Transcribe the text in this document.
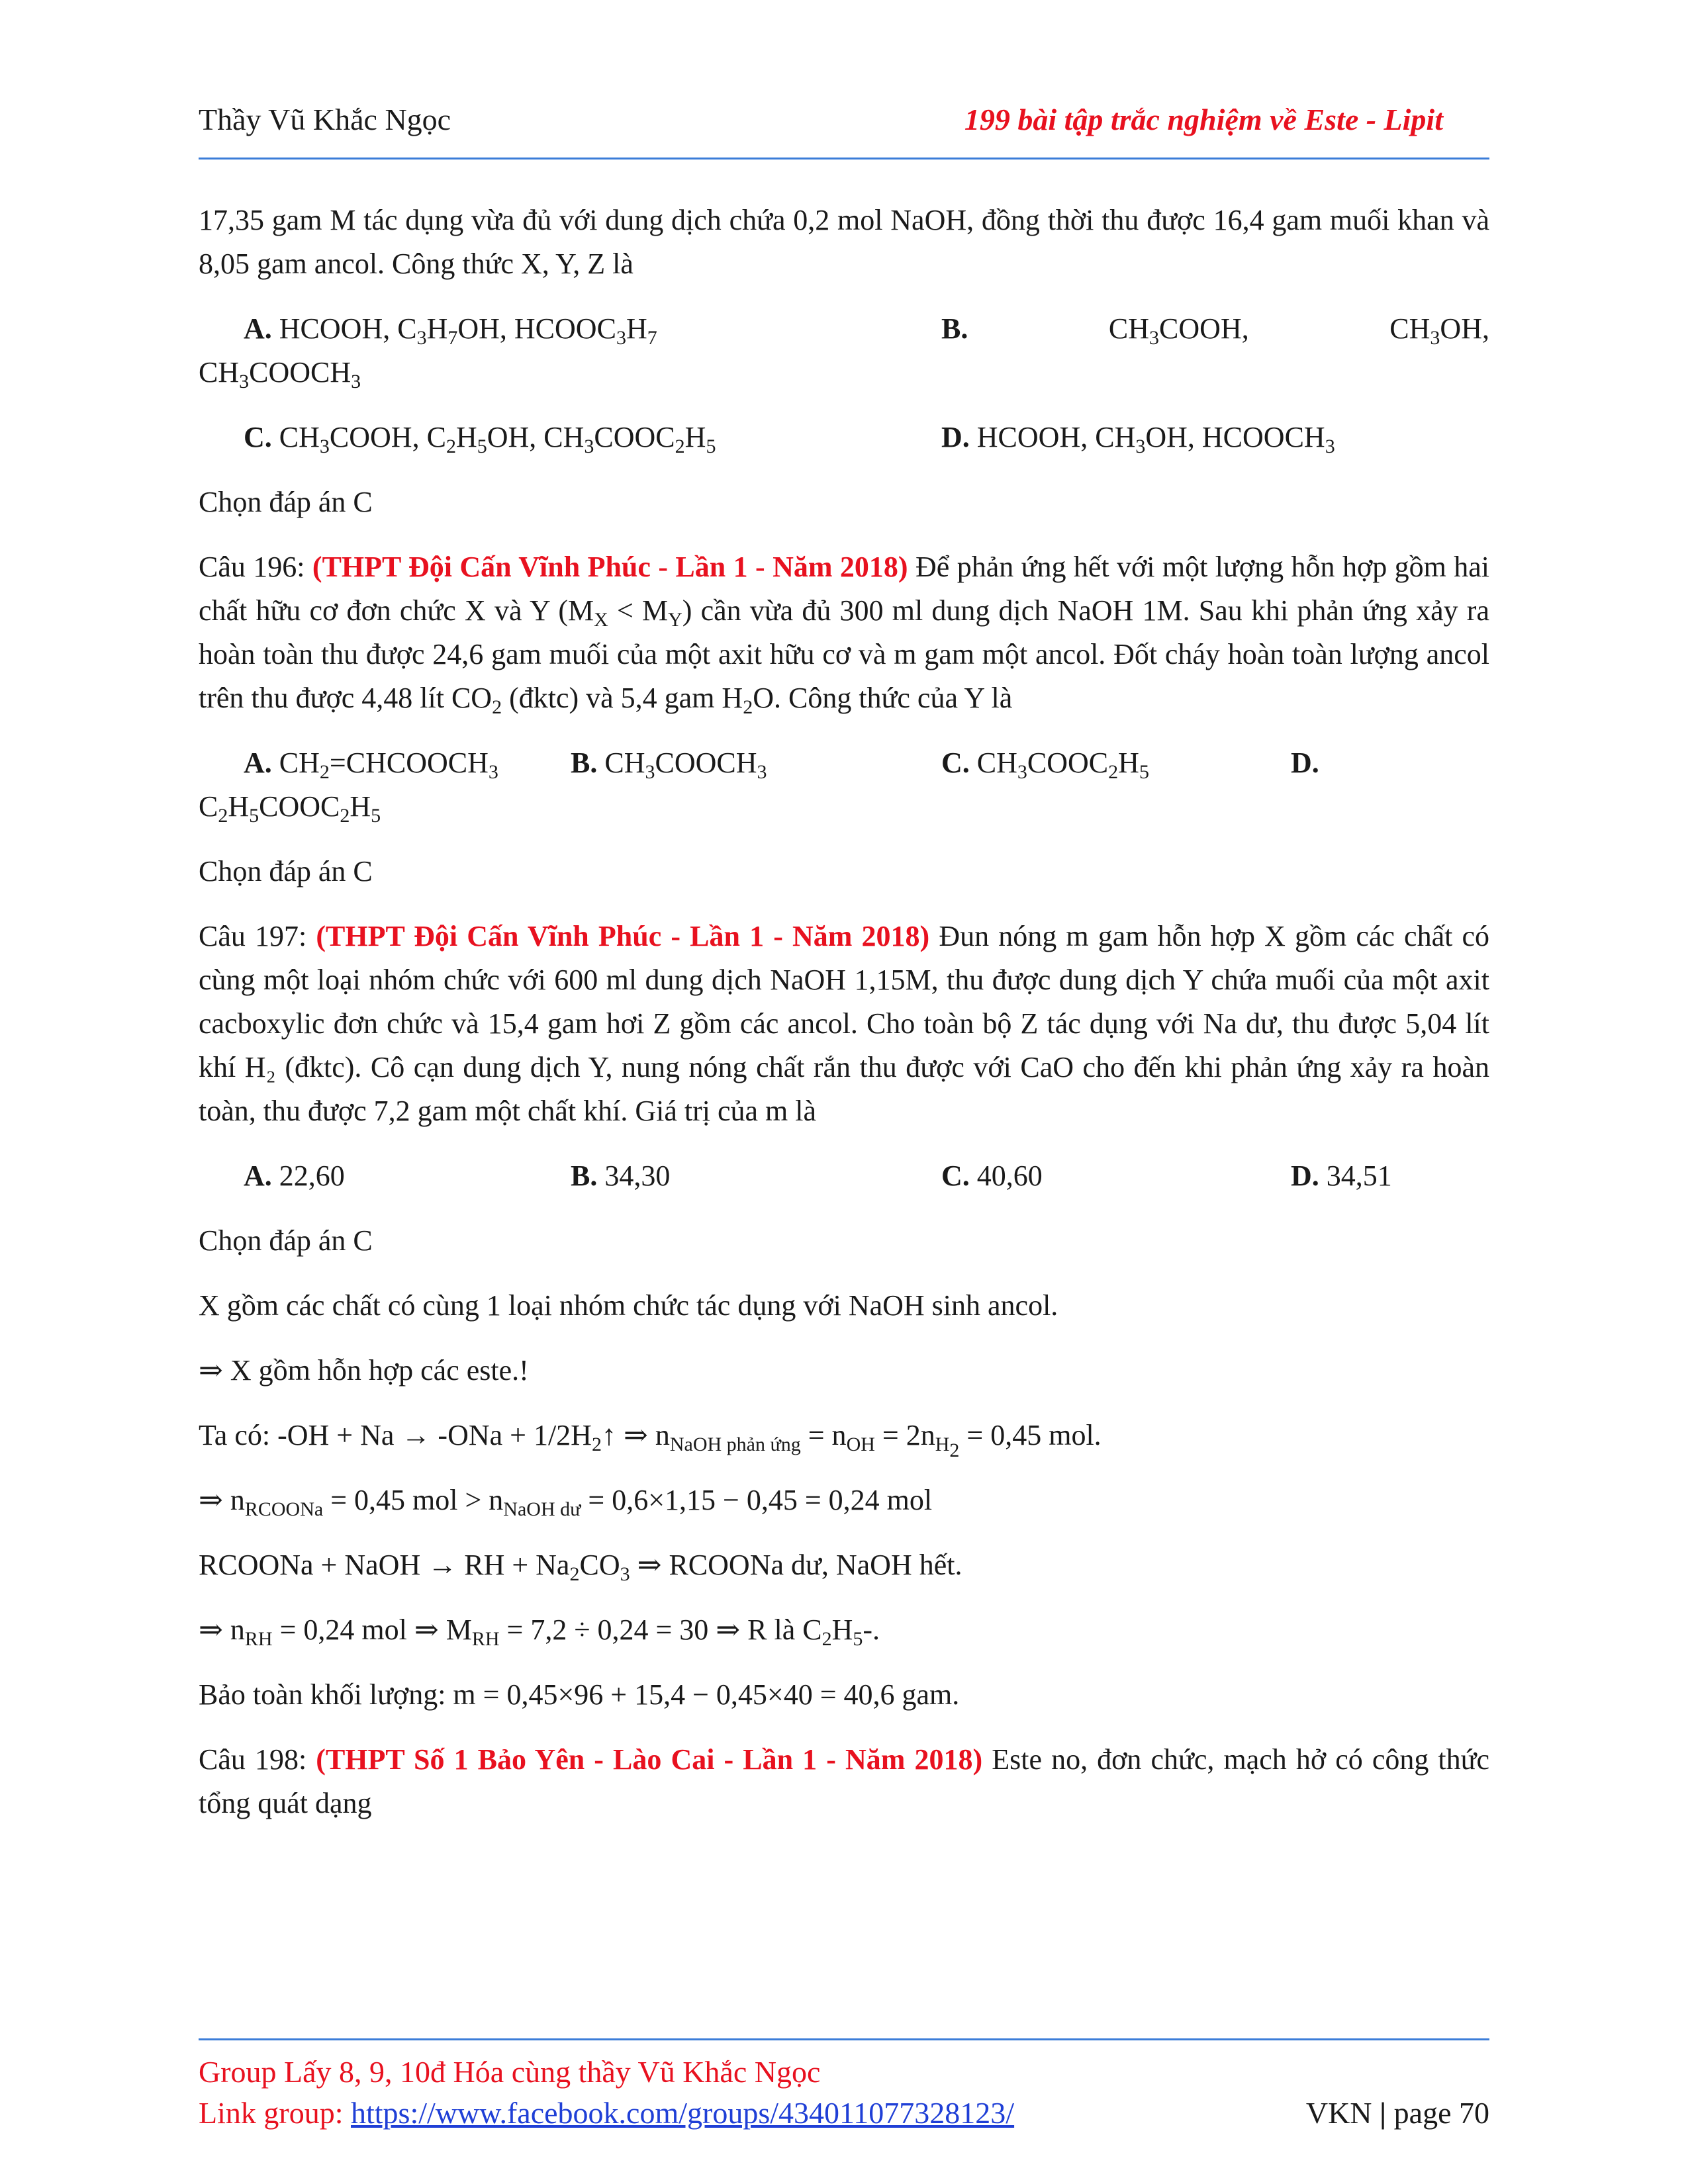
Thầy Vũ Khắc Ngọc	199 bài tập trắc nghiệm về Este - Lipit

17,35 gam M tác dụng vừa đủ với dung dịch chứa 0,2 mol NaOH, đồng thời thu được 16,4 gam muối khan và 8,05 gam ancol. Công thức X, Y, Z là

A. HCOOH, $C_3H_7OH$, $HCOOC_3H_7$	B.	$CH_3COOH$,	$CH_3OH$,
$CH_3COOCH_3$
C. $CH_3COOH$, $C_2H_5OH$, $CH_3COOC_2H_5$	D. HCOOH, $CH_3OH$, $HCOOCH_3$

Chọn đáp án C

Câu 196: (THPT Đội Cấn Vĩnh Phúc - Lần 1 - Năm 2018) Để phản ứng hết với một lượng hỗn hợp gồm hai chất hữu cơ đơn chức X và Y $(M_X < M_Y)$ cần vừa đủ 300 ml dung dịch NaOH 1M. Sau khi phản ứng xảy ra hoàn toàn thu được 24,6 gam muối của một axit hữu cơ và m gam một ancol. Đốt cháy hoàn toàn lượng ancol trên thu được 4,48 lít $CO_2$ (đktc) và 5,4 gam $H_2O$. Công thức của Y là

A. $CH_2=CHCOOCH_3$	B. $CH_3COOCH_3$	C. $CH_3COOC_2H_5$	D.

$C_2H_5COOC_2H_5$

Chọn đáp án C

Câu 197: (THPT Đội Cấn Vĩnh Phúc - Lần 1 - Năm 2018) Đun nóng m gam hỗn hợp X gồm các chất có cùng một loại nhóm chức với 600 ml dung dịch NaOH 1,15M, thu được dung dịch Y chứa muối của một axit cacboxylic đơn chức và 15,4 gam hơi Z gồm các ancol. Cho toàn bộ Z tác dụng với Na dư, thu được 5,04 lít khí H₂ (đktc). Cô cạn dung dịch Y, nung nóng chất rắn thu được với CaO cho đến khi phản ứng xảy ra hoàn toàn, thu được 7,2 gam một chất khí. Giá trị của m là

A. 22,60	B. 34,30	C. 40,60	D. 34,51

Chọn đáp án C

X gồm các chất có cùng 1 loại nhóm chức tác dụng với NaOH sinh ancol.

⇒ X gồm hỗn hợp các este.!

Ta có: $-OH + Na \to -ONa + 1/2H_2↑$ ⇒ $n_{NaOH phản ứng} = n_{OH} = 2n_{H_2} = 0,45$ mol.

⇒ $n_{RCOONa} = 0,45$ mol > $n_{NaOH dư} = 0,6\times 1,15 - 0,45 = 0,24$ mol

RCOONa + NaOH → RH + $Na_2CO_3$ ⇒ RCOONa dư, NaOH hết.

⇒ $n_{RH} = 0,24$ mol ⇒ $M_{RH} = 7,2 \div 0,24 = 30$ ⇒ R là $C_2H_5-$.

Bảo toàn khối lượng: m = 0,45×96 + 15,4 − 0,45×40 = 40,6 gam.

Câu 198: (THPT Số 1 Bảo Yên - Lào Cai - Lần 1 - Năm 2018) Este no, đơn chức, mạch hở có công thức tổng quát dạng

Group Lấy 8, 9, 10đ Hóa cùng thầy Vũ Khắc Ngọc
Link group: https://www.facebook.com/groups/434011077328123/	VKN | page 70
